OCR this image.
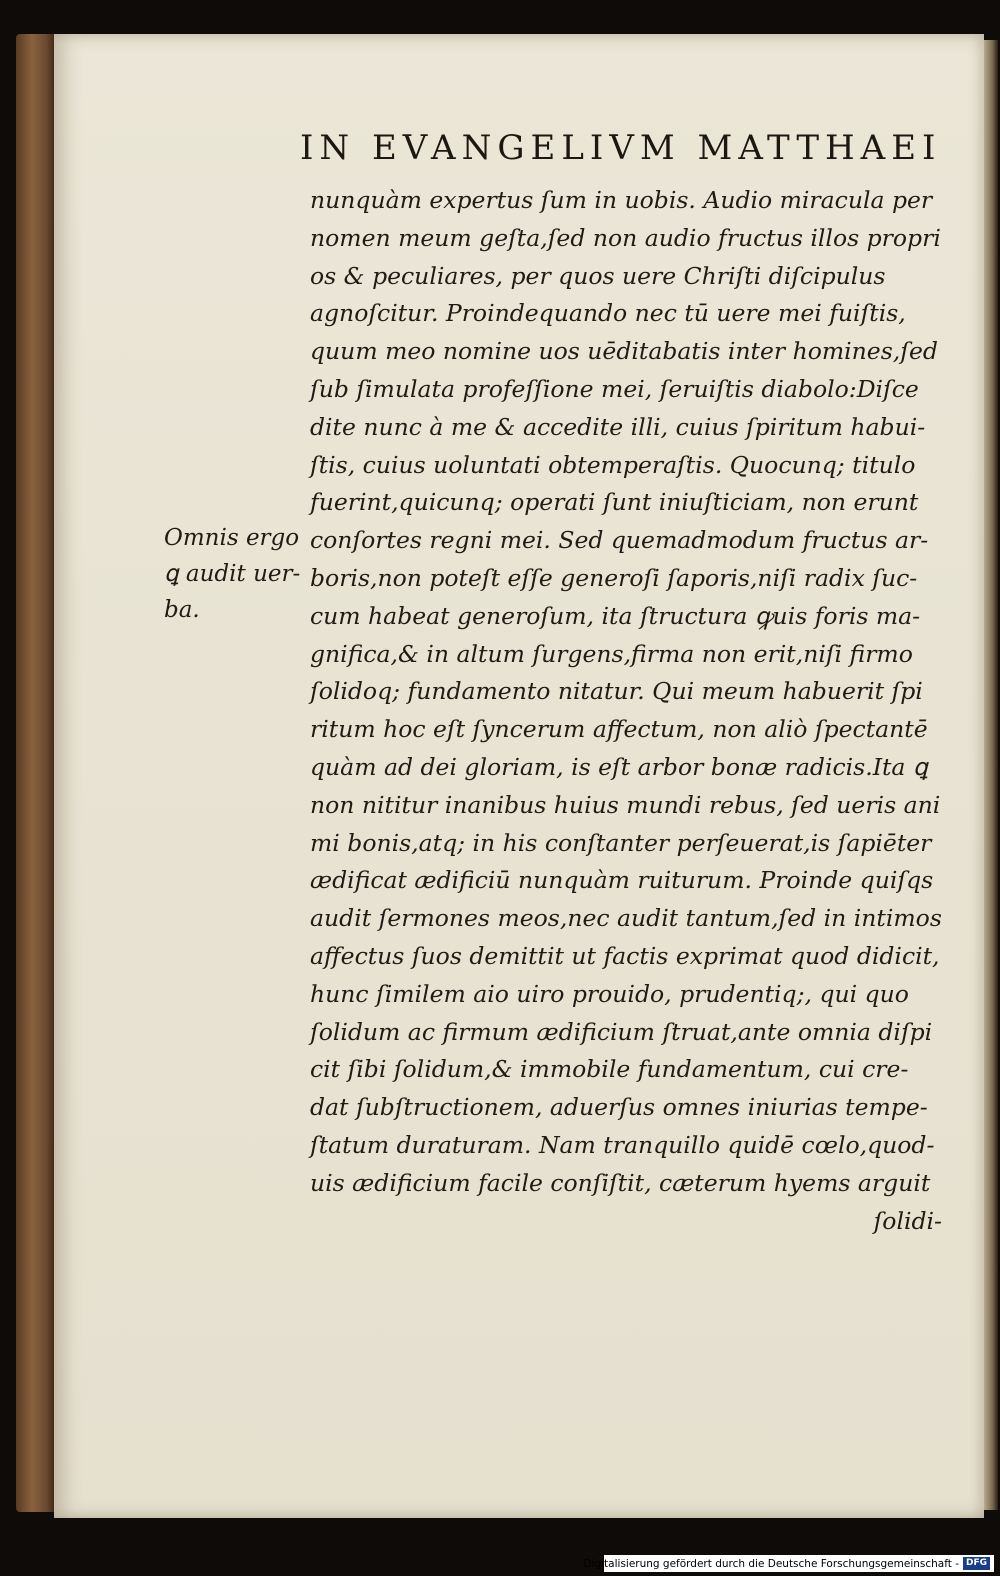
IN EVANGELIVM MATTHAEI
Omnis ergo
ꝗ audit uer-
ba.
nunquàm expertus ſum in uobis. Audio miracula per
nomen meum geſta,ſed non audio fructus illos propri
os & peculiares, per quos uere Chriſti diſcipulus
agnoſcitur. Proindequando nec tū uere mei fuiſtis,
quum meo nomine uos uēditabatis inter homines,ſed
ſub ſimulata profeſſione mei, ſeruiſtis diabolo:Diſce
dite nunc à me & accedite illi, cuius ſpiritum habui-
ſtis, cuius uoluntati obtemperaſtis. Quocunq; titulo
fuerint,quicunq; operati ſunt iniuſticiam, non erunt
conſortes regni mei. Sed quemadmodum fructus ar-
boris,non poteſt eſſe generoſi ſaporis,niſi radix ſuc-
cum habeat generoſum, ita ſtructura ꝙuis foris ma-
gnifica,& in altum ſurgens,firma non erit,niſi firmo
ſolidoq; fundamento nitatur. Qui meum habuerit ſpi
ritum hoc eſt ſyncerum affectum, non aliò ſpectantē
quàm ad dei gloriam, is eſt arbor bonæ radicis.Ita ꝗ
non nititur inanibus huius mundi rebus, ſed ueris ani
mi bonis,atq; in his conſtanter perſeuerat,is ſapiēter
ædificat ædificiū nunquàm ruiturum. Proinde quiſqs
audit ſermones meos,nec audit tantum,ſed in intimos
affectus ſuos demittit ut factis exprimat quod didicit,
hunc ſimilem aio uiro prouido, prudentiq;, qui quo
ſolidum ac firmum ædificium ſtruat,ante omnia diſpi
cit ſibi ſolidum,& immobile fundamentum, cui cre-
dat ſubſtructionem, aduerſus omnes iniurias tempe-
ſtatum duraturam. Nam tranquillo quidē cœlo,quod-
uis ædificium facile conſiſtit, cæterum hyems arguit
ſolidi-
Digitalisierung gefördert durch die Deutsche Forschungsgemeinschaft - DFG
